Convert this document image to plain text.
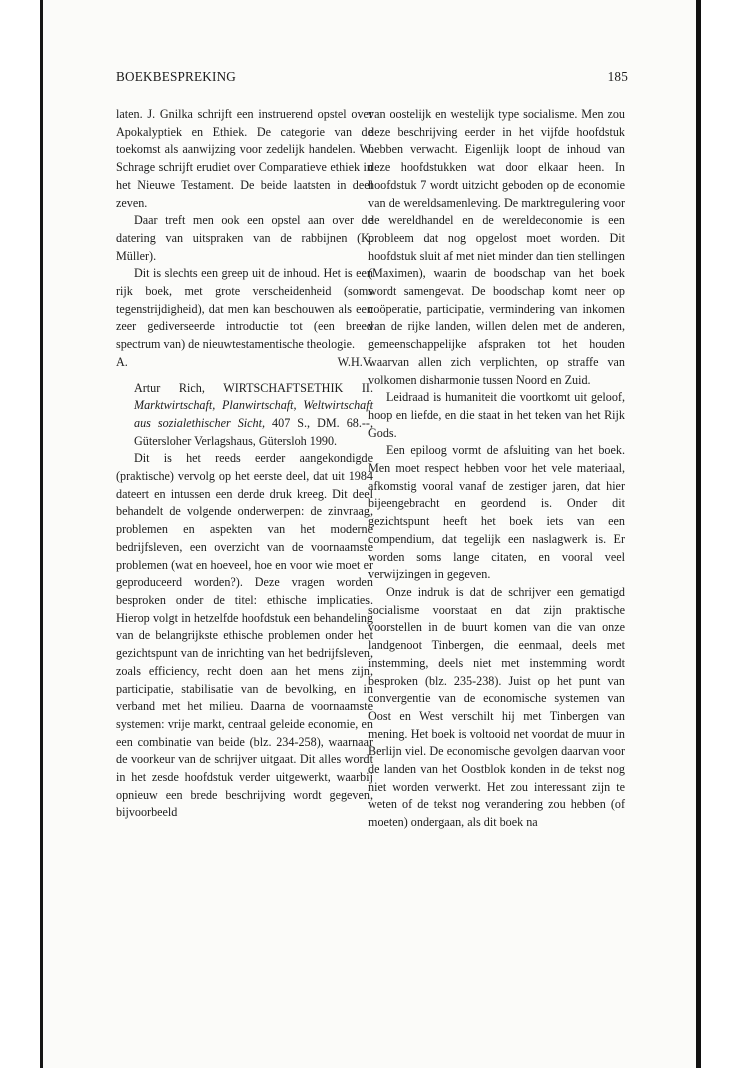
BOEKBESPREKING	185

laten. J. Gnilka schrijft een instruerend opstel over Apokalyptiek en Ethiek. De categorie van de toekomst als aanwijzing voor zedelijk handelen. W. Schrage schrijft erudiet over Comparatieve ethiek in het Nieuwe Testament. De beide laatsten in deel zeven.

Daar treft men ook een opstel aan over de datering van uitspraken van de rabbijnen (K. Müller).

Dit is slechts een greep uit de inhoud. Het is een rijk boek, met grote verscheidenheid (soms tegenstrijdigheid), dat men kan beschouwen als een zeer gediverseerde introductie tot (een breed spectrum van) de nieuwtestamentische theologie.

A.	W.H.V.

Artur Rich, WIRTSCHAFTSETHIK II. Marktwirtschaft, Planwirtschaft, Weltwirtschaft aus sozialethischer Sicht, 407 S., DM. 68.--, Gütersloher Verlagshaus, Gütersloh 1990.

Dit is het reeds eerder aangekondigde (praktische) vervolg op het eerste deel, dat uit 1984 dateert en intussen een derde druk kreeg. Dit deel behandelt de volgende onderwerpen: de zinvraag, problemen en aspekten van het moderne bedrijfsleven, een overzicht van de voornaamste problemen (wat en hoeveel, hoe en voor wie moet er geproduceerd worden?). Deze vragen worden besproken onder de titel: ethische implicaties. Hierop volgt in hetzelfde hoofdstuk een behandeling van de belangrijkste ethische problemen onder het gezichtspunt van de inrichting van het bedrijfsleven, zoals efficiency, recht doen aan het mens zijn, participatie, stabilisatie van de bevolking, en in verband met het milieu. Daarna de voornaamste systemen: vrije markt, centraal geleide economie, en een combinatie van beide (blz. 234-258), waarnaar de voorkeur van de schrijver uitgaat. Dit alles wordt in het zesde hoofdstuk verder uitgewerkt, waarbij opnieuw een brede beschrijving wordt gegeven, bijvoorbeeld

van oostelijk en westelijk type socialisme. Men zou deze beschrijving eerder in het vijfde hoofdstuk hebben verwacht. Eigenlijk loopt de inhoud van deze hoofdstukken wat door elkaar heen. In hoofdstuk 7 wordt uitzicht geboden op de economie van de wereldsamenleving. De marktregulering voor de wereldhandel en de wereldeconomie is een probleem dat nog opgelost moet worden. Dit hoofdstuk sluit af met niet minder dan tien stellingen (Maximen), waarin de boodschap van het boek wordt samengevat. De boodschap komt neer op coöperatie, participatie, vermindering van inkomen van de rijke landen, willen delen met de anderen, gemeenschappelijke afspraken tot het houden waarvan allen zich verplichten, op straffe van volkomen disharmonie tussen Noord en Zuid.

Leidraad is humaniteit die voortkomt uit geloof, hoop en liefde, en die staat in het teken van het Rijk Gods.

Een epiloog vormt de afsluiting van het boek. Men moet respect hebben voor het vele materiaal, afkomstig vooral vanaf de zestiger jaren, dat hier bijeengebracht en geordend is. Onder dit gezichtspunt heeft het boek iets van een compendium, dat tegelijk een naslagwerk is. Er worden soms lange citaten, en vooral veel verwijzingen in gegeven.

Onze indruk is dat de schrijver een gematigd socialisme voorstaat en dat zijn praktische voorstellen in de buurt komen van die van onze landgenoot Tinbergen, die eenmaal, deels met instemming, deels niet met instemming wordt besproken (blz. 235-238). Juist op het punt van convergentie van de economische systemen van Oost en West verschilt hij met Tinbergen van mening. Het boek is voltooid net voordat de muur in Berlijn viel. De economische gevolgen daarvan voor de landen van het Oostblok konden in de tekst nog niet worden verwerkt. Het zou interessant zijn te weten of de tekst nog verandering zou hebben (of moeten) ondergaan, als dit boek na
